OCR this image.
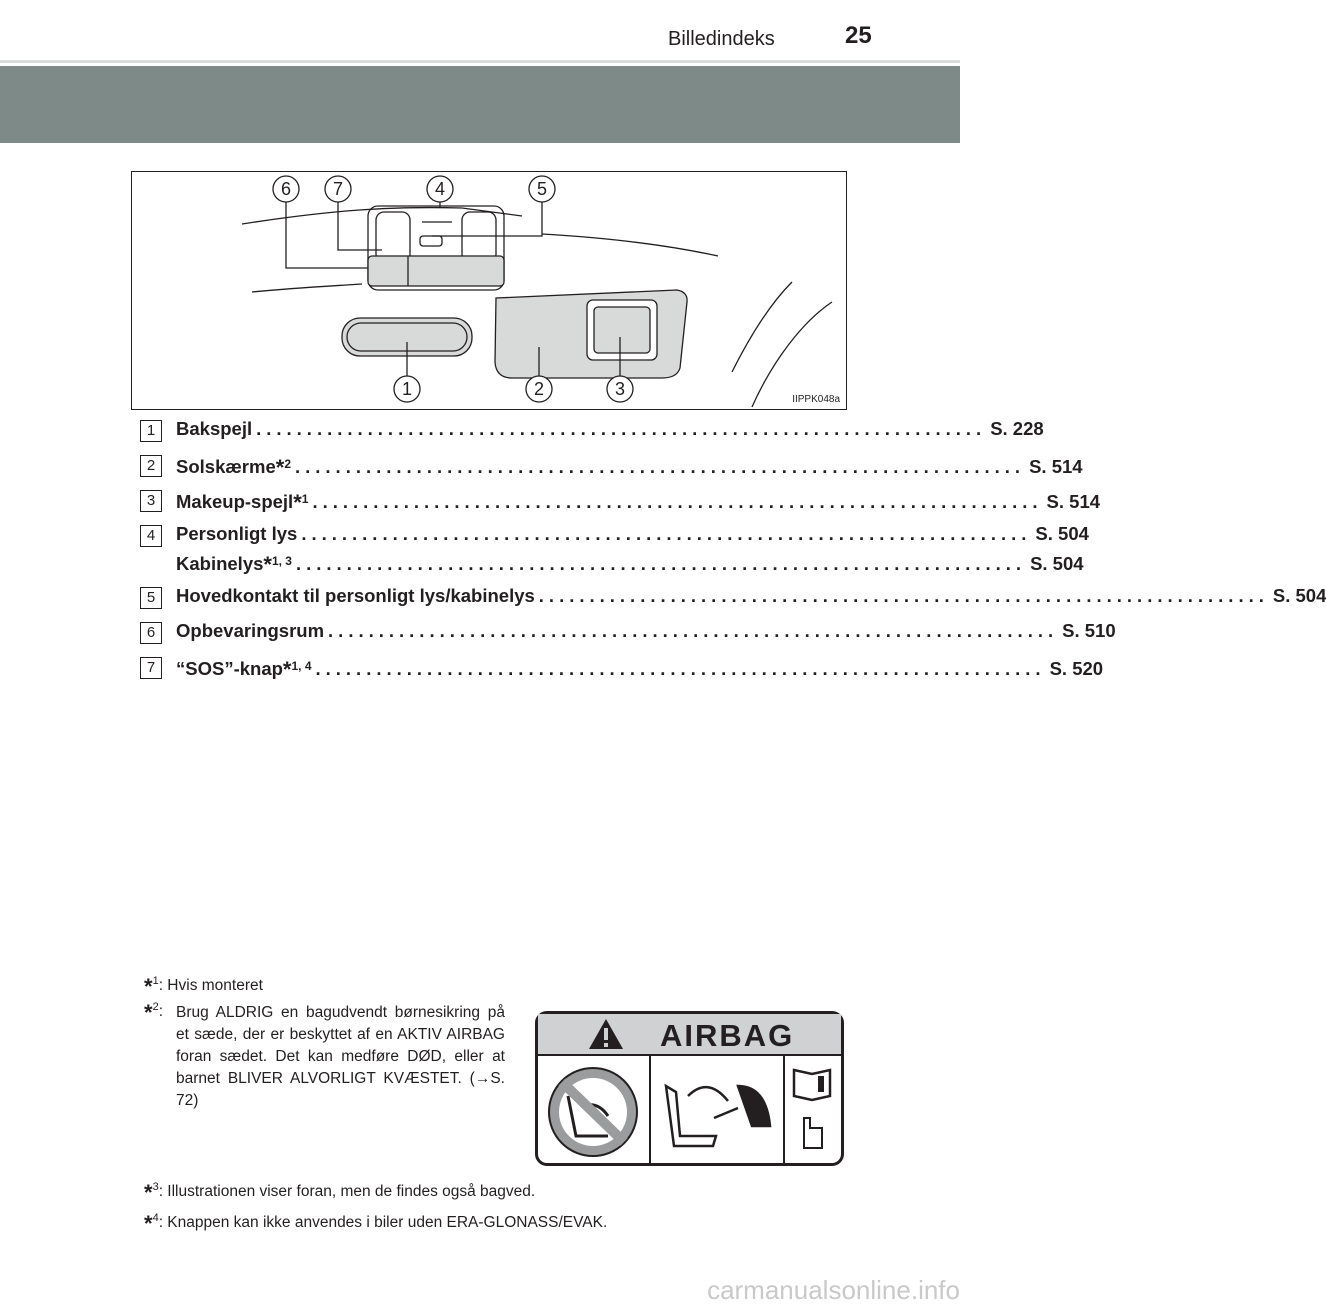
Billedindeks	25
6 7	4	5
1	2	3
IIPPK048a
1	Bakspejl ........................................................................ S. 228
2	Solskærme *$^2$ ........................................................................ S. 514
3	Makeup-spejl *$^1$ ........................................................................ S. 514
4	Personligt lys ........................................................................ S. 504
Kabinelys *$^{1, 3}$ ........................................................................ S. 504
5	Hovedkontakt til personligt lys/kabinelys ........................................................................ S. 504
6	Opbevaringsrum ........................................................................ S. 510
7	“SOS”-knap *$^{1, 4}$ ........................................................................ S. 520
*$^1$: Hvis monteret
*$^2$: Brug ALDRIG en bagudvendt børnesikring på et sæde, der er beskyttet af en AKTIV AIRBAG foran sædet. Det kan medføre DØD, eller at barnet BLIVER ALVORLIGT KVÆSTET. (→S. 72)
AIRBAG
*$^3$: Illustrationen viser foran, men de findes også bagved.
*$^4$: Knappen kan ikke anvendes i biler uden ERA-GLONASS/EVAK.
carmanualsonline.info
